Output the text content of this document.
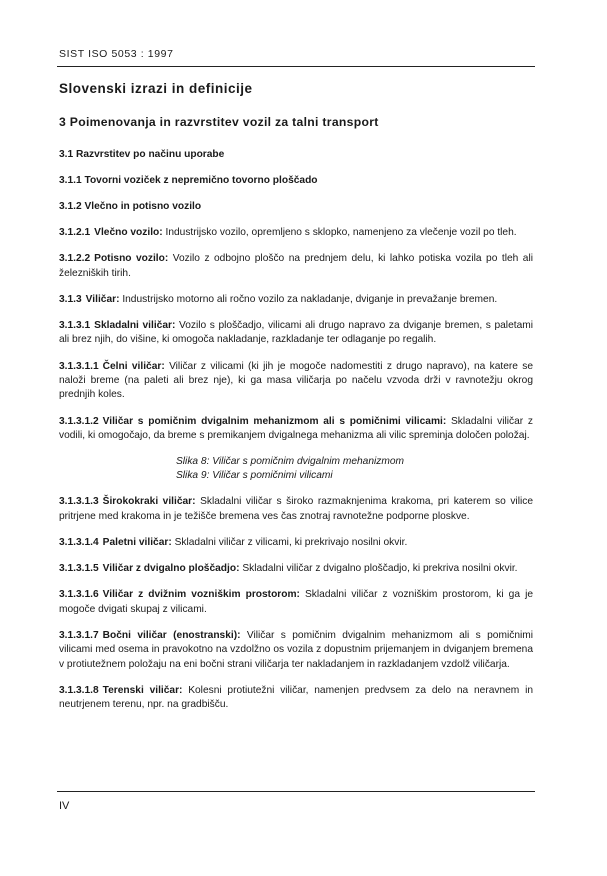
SIST ISO 5053 : 1997
Slovenski izrazi in definicije
3 Poimenovanja in razvrstitev vozil za talni transport
3.1 Razvrstitev po načinu uporabe
3.1.1 Tovorni voziček z nepremično tovorno ploščado
3.1.2 Vlečno in potisno vozilo
3.1.2.1 Vlečno vozilo: Industrijsko vozilo, opremljeno s sklopko, namenjeno za vlečenje vozil po tleh.
3.1.2.2 Potisno vozilo: Vozilo z odbojno ploščo na prednjem delu, ki lahko potiska vozila po tleh ali železniških tirih.
3.1.3 Viličar: Industrijsko motorno ali ročno vozilo za nakladanje, dviganje in prevažanje bremen.
3.1.3.1 Skladalni viličar: Vozilo s ploščadjo, vilicami ali drugo napravo za dviganje bremen, s paletami ali brez njih, do višine, ki omogoča nakladanje, razkladanje ter odlaganje po regalih.
3.1.3.1.1 Čelni viličar: Viličar z vilicami (ki jih je mogoče nadomestiti z drugo napravo), na katere se naloži breme (na paleti ali brez nje), ki ga masa viličarja po načelu vzvoda drži v ravnotežju okrog prednjih koles.
3.1.3.1.2 Viličar s pomičnim dvigalnim mehanizmom ali s pomičnimi vilicami: Skladalni viličar z vodili, ki omogočajo, da breme s premikanjem dvigalnega mehanizma ali vilic spreminja določen položaj.
Slika 8: Viličar s pomičnim dvigalnim mehanizmom
Slika 9: Viličar s pomičnimi vilicami
3.1.3.1.3 Širokokraki viličar: Skladalni viličar s široko razmaknjenima krakoma, pri katerem so vilice pritrjene med krakoma in je težišče bremena ves čas znotraj ravnotežne podporne ploskve.
3.1.3.1.4 Paletni viličar: Skladalni viličar z vilicami, ki prekrivajo nosilni okvir.
3.1.3.1.5 Viličar z dvigalno ploščadjo: Skladalni viličar z dvigalno ploščadjo, ki prekriva nosilni okvir.
3.1.3.1.6 Viličar z dvižnim vozniškim prostorom: Skladalni viličar z vozniškim prostorom, ki ga je mogoče dvigati skupaj z vilicami.
3.1.3.1.7 Bočni viličar (enostranski): Viličar s pomičnim dvigalnim mehanizmom ali s pomičnimi vilicami med osema in pravokotno na vzdolžno os vozila z dopustnim prijemanjem in dviganjem bremena v protiutežnem položaju na eni bočni strani viličarja ter nakladanjem in razkladanjem vzdolž viličarja.
3.1.3.1.8 Terenski viličar: Kolesni protiutežni viličar, namenjen predvsem za delo na neravnem in neutrjenem terenu, npr. na gradbišču.
IV
